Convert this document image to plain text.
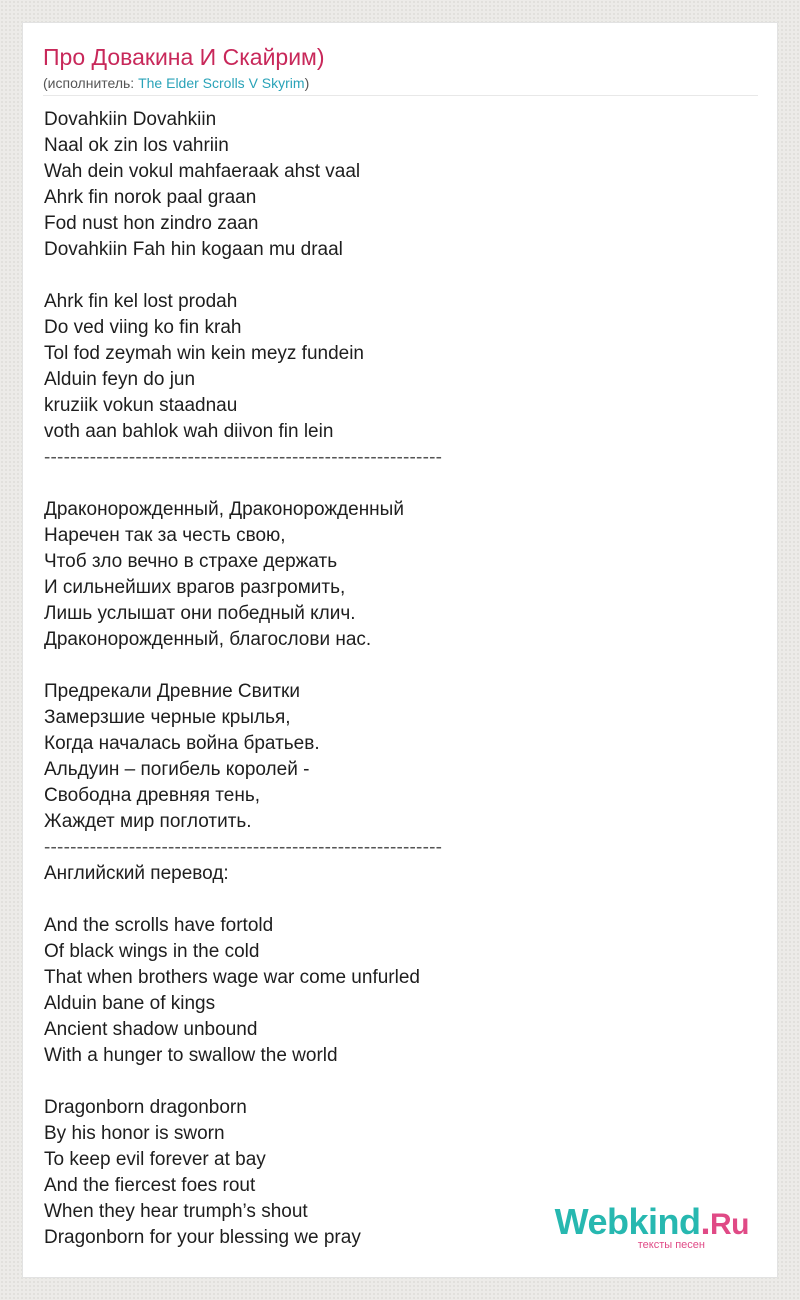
Про Довакина И Скайрим)
(исполнитель: The Elder Scrolls V Skyrim)
Dovahkiin Dovahkiin
Naal ok zin los vahriin
Wah dein vokul mahfaeraak ahst vaal
Ahrk fin norok paal graan
Fod nust hon zindro zaan
Dovahkiin Fah hin kogaan mu draal
Ahrk fin kel lost prodah
Do ved viing ko fin krah
Tol fod zeymah win kein meyz fundein
Alduin feyn do jun
kruziik vokun staadnau
voth aan bahlok wah diivon fin lein
-------------------------------------------------------------
Драконорожденный, Драконорожденный
Наречен так за честь свою,
Чтоб зло вечно в страхе держать
И сильнейших врагов разгромить,
Лишь услышат они победный клич.
Драконорожденный, благослови нас.
Предрекали Древние Свитки
Замерзшие черные крылья,
Когда началась война братьев.
Альдуин – погибель королей -
Свободна древняя тень,
Жаждет мир поглотить.
-------------------------------------------------------------
Английский перевод:
And the scrolls have fortold
Of black wings in the cold
That when brothers wage war come unfurled
Alduin bane of kings
Ancient shadow unbound
With a hunger to swallow the world
Dragonborn dragonborn
By his honor is sworn
To keep evil forever at bay
And the fiercest foes rout
When they hear trumph’s shout
Dragonborn for your blessing we pray	Webkind.Ru
тексты песен
